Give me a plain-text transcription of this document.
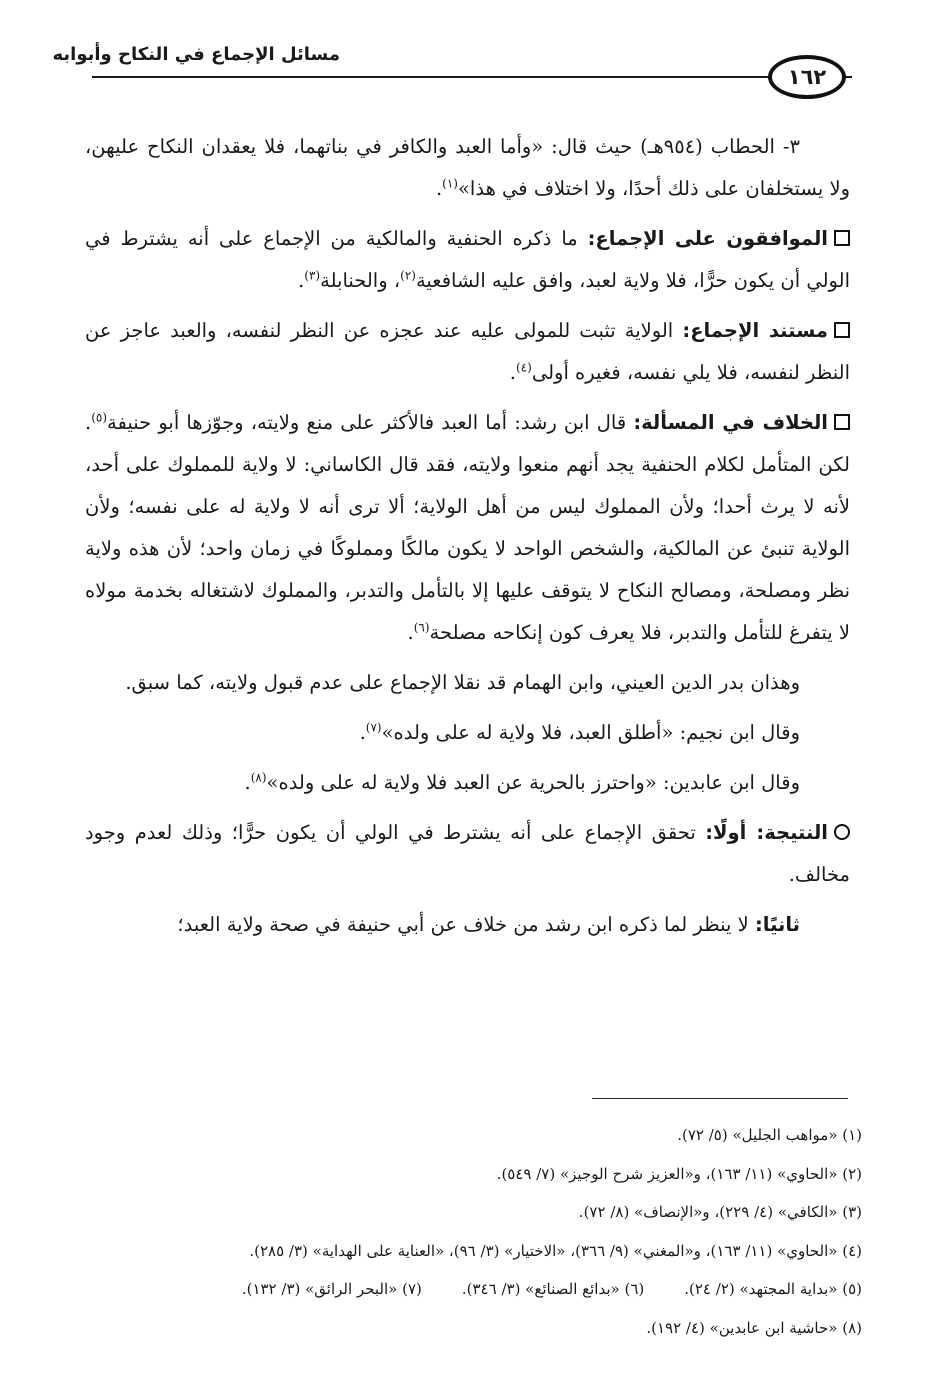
مسائل الإجماع في النكاح وأبوابه
١٦٢

٣- الحطاب (٩٥٤هـ) حيث قال: «وأما العبد والكافر في بناتهما، فلا يعقدان النكاح عليهن، ولا يستخلفان على ذلك أحدًا، ولا اختلاف في هذا»$^{(١)}$.

الموافقون على الإجماع: ما ذكره الحنفية والمالكية من الإجماع على أنه يشترط في الولي أن يكون حرًّا، فلا ولاية لعبد، وافق عليه الشافعية$^{(٢)}$، والحنابلة$^{(٣)}$.

مستند الإجماع: الولاية تثبت للمولى عليه عند عجزه عن النظر لنفسه، والعبد عاجز عن النظر لنفسه، فلا يلي نفسه، فغيره أولى$^{(٤)}$.

الخلاف في المسألة: قال ابن رشد: أما العبد فالأكثر على منع ولايته، وجوّزها أبو حنيفة$^{(٥)}$. لكن المتأمل لكلام الحنفية يجد أنهم منعوا ولايته، فقد قال الكاساني: لا ولاية للمملوك على أحد، لأنه لا يرث أحدا؛ ولأن المملوك ليس من أهل الولاية؛ ألا ترى أنه لا ولاية له على نفسه؛ ولأن الولاية تنبئ عن المالكية، والشخص الواحد لا يكون مالكًا ومملوكًا في زمان واحد؛ لأن هذه ولاية نظر ومصلحة، ومصالح النكاح لا يتوقف عليها إلا بالتأمل والتدبر، والمملوك لاشتغاله بخدمة مولاه لا يتفرغ للتأمل والتدبر، فلا يعرف كون إنكاحه مصلحة$^{(٦)}$.

وهذان بدر الدين العيني، وابن الهمام قد نقلا الإجماع على عدم قبول ولايته، كما سبق.

وقال ابن نجيم: «أطلق العبد، فلا ولاية له على ولده»$^{(٧)}$.

وقال ابن عابدين: «واحترز بالحرية عن العبد فلا ولاية له على ولده»$^{(٨)}$.

النتيجة: أولًا: تحقق الإجماع على أنه يشترط في الولي أن يكون حرًّا؛ وذلك لعدم وجود مخالف.

ثانيًا: لا ينظر لما ذكره ابن رشد من خلاف عن أبي حنيفة في صحة ولاية العبد؛

(١) «مواهب الجليل» (٥/ ٧٢).
(٢) «الحاوي» (١١/ ١٦٣)، و«العزيز شرح الوجيز» (٧/ ٥٤٩).
(٣) «الكافي» (٤/ ٢٢٩)، و«الإنصاف» (٨/ ٧٢).
(٤) «الحاوي» (١١/ ١٦٣)، و«المغني» (٩/ ٣٦٦)، «الاختيار» (٣/ ٩٦)، «العناية على الهداية» (٣/ ٢٨٥).
(٥) «بداية المجتهد» (٢/ ٢٤).(٦) «بدائع الصنائع» (٣/ ٣٤٦).(٧) «البحر الرائق» (٣/ ١٣٢).
(٨) «حاشية ابن عابدين» (٤/ ١٩٢).
